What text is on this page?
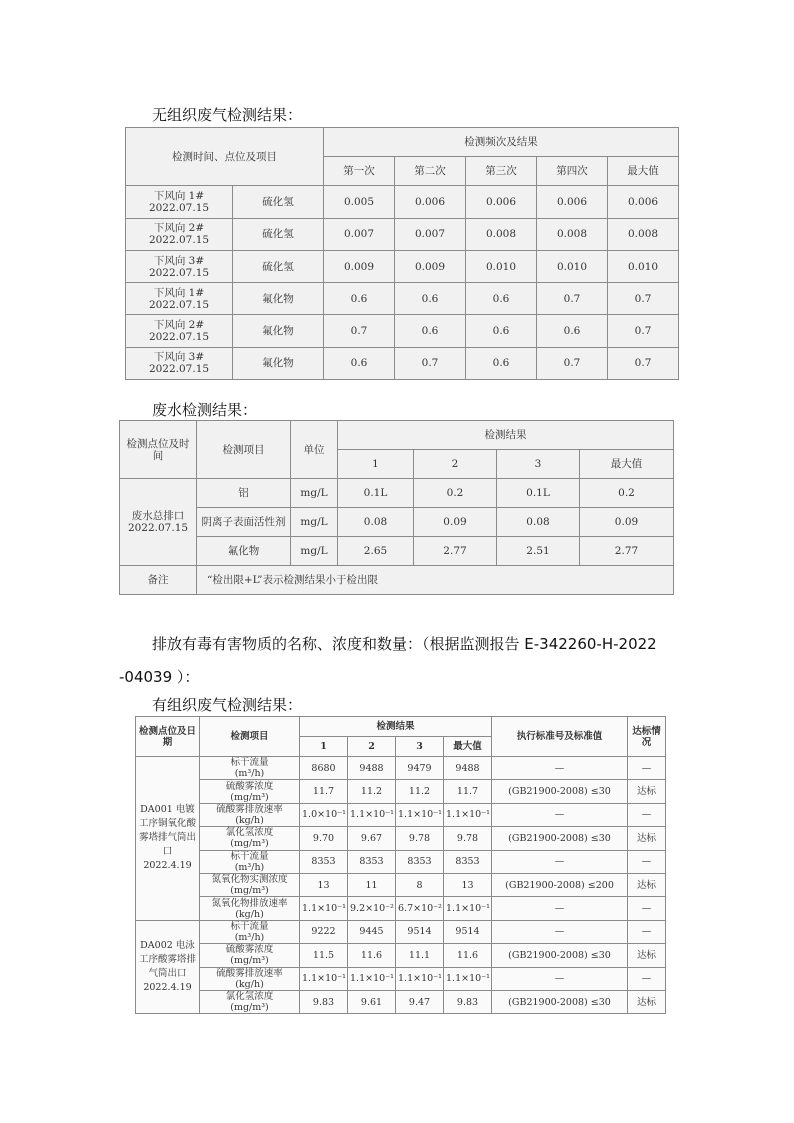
无组织废气检测结果：
检测时间、点位及项目		检测频次及结果				
		第一次	第二次	第三次	第四次	最大值
下风向 1#
2022.07.15	硫化氢	0.005	0.006	0.006	0.006	0.006
下风向 2#
2022.07.15	硫化氢	0.007	0.007	0.008	0.008	0.008
下风向 3#
2022.07.15	硫化氢	0.009	0.009	0.010	0.010	0.010
下风向 1#
2022.07.15	氟化物	0.6	0.6	0.6	0.7	0.7
下风向 2#
2022.07.15	氟化物	0.7	0.6	0.6	0.6	0.7
下风向 3#
2022.07.15	氟化物	0.6	0.7	0.6	0.7	0.7
废水检测结果：
检测点位及时间	检测项目	单位	检测结果			
			1	2	3	最大值
废水总排口
2022.07.15	铝	mg/L	0.1L	0.2	0.1L	0.2
	阴离子表面活性剂	mg/L	0.08	0.09	0.08	0.09
	氟化物	mg/L	2.65	2.77	2.51	2.77
备注	“检出限+L”表示检测结果小于检出限					
排放有毒有害物质的名称、浓度和数量：（根据监测报告 E-342260-H-2022
-04039 ）：
有组织废气检测结果：
检测点位及日期	检测项目	检测结果				执行标准号及标准值	达标情况
		1	2	3	最大值		
DA001 电镀工序铜氧化酸雾塔排气筒出口
2022.4.19	标干流量
(m³/h)	8680	9488	9479	9488	—	—
	硫酸雾浓度
(mg/m³)	11.7	11.2	11.2	11.7	(GB21900-2008) ≤30	达标
	硫酸雾排放速率
(kg/h)	1.0×10⁻¹	1.1×10⁻¹	1.1×10⁻¹	1.1×10⁻¹	—	—
	氯化氢浓度
(mg/m³)	9.70	9.67	9.78	9.78	(GB21900-2008) ≤30	达标
	标干流量
(m³/h)	8353	8353	8353	8353	—	—
	氮氧化物实测浓度
(mg/m³)	13	11	8	13	(GB21900-2008) ≤200	达标
	氮氧化物排放速率
(kg/h)	1.1×10⁻¹	9.2×10⁻²	6.7×10⁻²	1.1×10⁻¹	—	—
DA002 电泳工序酸雾塔排气筒出口
2022.4.19	标干流量
(m³/h)	9222	9445	9514	9514	—	—
	硫酸雾浓度
(mg/m³)	11.5	11.6	11.1	11.6	(GB21900-2008) ≤30	达标
	硫酸雾排放速率
(kg/h)	1.1×10⁻¹	1.1×10⁻¹	1.1×10⁻¹	1.1×10⁻¹	—	—
	氯化氢浓度
(mg/m³)	9.83	9.61	9.47	9.83	(GB21900-2008) ≤30	达标
